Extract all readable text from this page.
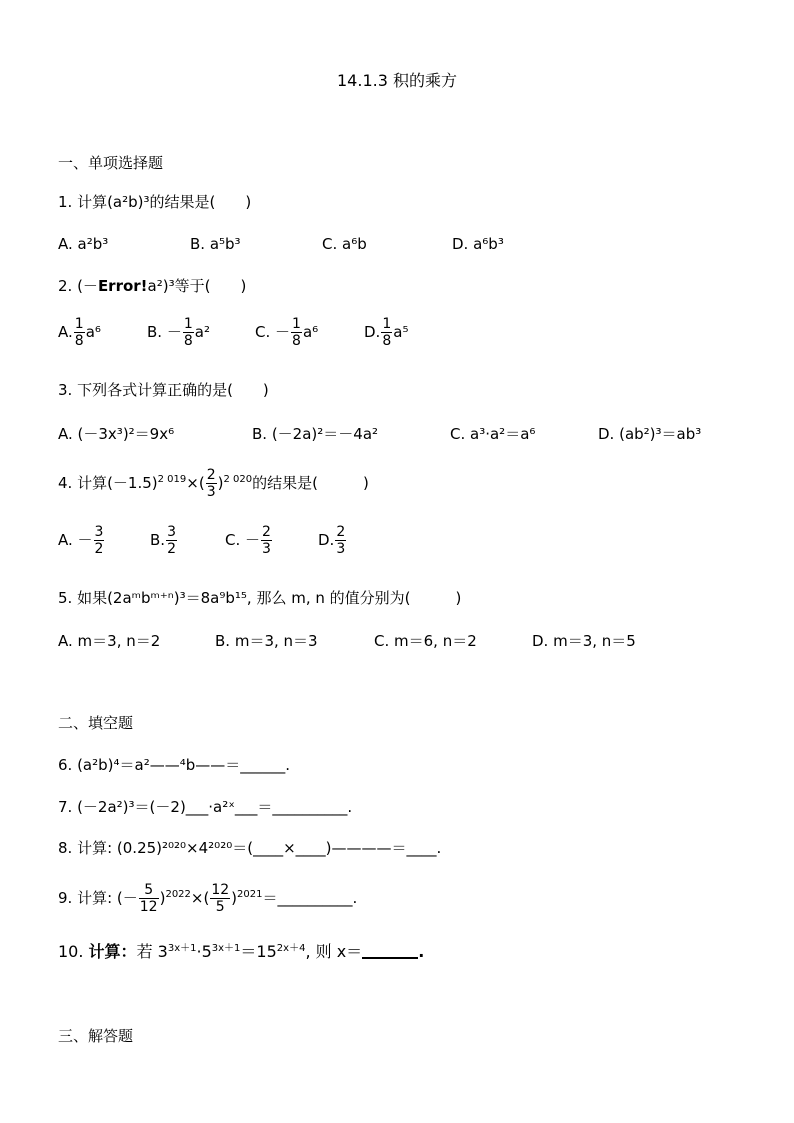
14.1.3 积的乘方
一、单项选择题
1. 计算(a²b)³的结果是(　　)
A. a²b³	B. a⁵b³	C. a⁶b	D. a⁶b³
2. (－Error!a²)³等于(　　)
A. $\frac{1}{8} a^6$	B. － $\frac{1}{8} a^2$	C. － $\frac{1}{8} a^6$	D. $\frac{1}{8} a^5$
3. 下列各式计算正确的是(　　)
A. (－3x³)²＝9x⁶	B. (－2a)²＝－4a²	C. a³·a²＝a⁶	D. (ab²)³＝ab³
4. 计算$(-1.5)^{2 019}\times( \frac{2}{3} )^{2 020}$的结果是(　　　)
A. － $\frac{3}{2}$	B. $\frac{3}{2}$	C. － $\frac{2}{3}$	D. $\frac{2}{3}$
5. 如果(2aᵐbᵐ⁺ⁿ)³＝8a⁹b¹⁵, 那么 m, n 的值分别为(　　　)
A. m＝3, n＝2	B. m＝3, n＝3	C. m＝6, n＝2	D. m＝3, n＝5
二、填空题
6. (a²b)⁴＝a²——⁴b——＝______.
7. (－2a²)³＝(－2)___·a²ˣ___＝__________.
8. 计算: (0.25)²⁰²⁰×4²⁰²⁰＝(____×____)————＝____.
9. 计算: (－ $\frac{5}{12} )^{2022}\times( \frac{12}{5}$ )$^{2021}=\_\_\_\_\_\_\_\_\_\_$.
10. 计算：若 $3^{3x+1}\cdot 5^{3x+1}=15^{2x+4}$, 则 x＝	.
三、解答题
